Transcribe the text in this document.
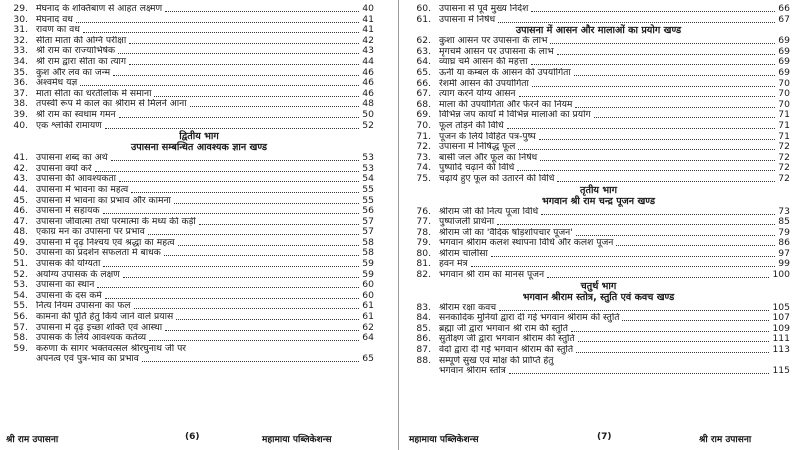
29. मेघनाद के शक्तिबाण से आहत लक्ष्मण	40
30. मेघनाद वध	41
31. रावण का वध	41
32. सीता माता की अग्नि परीक्षा	42
33. श्री राम का राज्याभिषेक	43
34. श्री राम द्वारा सीता का त्याग	44
35. कुश और लव का जन्म	46
36. अश्वमेध यज्ञ	46
37. माता सीता का धरतीलोक में समाना	46
38. तपस्वी रूप में काल का श्रीराम से मिलने आना	48
39. श्री राम का स्वधाम गमन	50
40. एक श्लोकी रामायण	52
द्वितीय भाग
उपासना सम्बन्धित आवश्यक ज्ञान खण्ड
41. उपासना शब्द का अर्थ	53
42. उपासना क्यों करें	53
43. उपासना की आवश्यकता	54
44. उपासना में भावना का महत्व	55
45. उपासना में भावना का प्रभाव और कामना	55
46. उपासना में सहायक	56
47. उपासना जीवात्मा तथा परमात्मा के मध्य की कड़ी	57
48. एकाग्र मन का उपासना पर प्रभाव	57
49. उपासना में दृढ़ निश्चय एवं श्रद्धा का महत्व	58
50. उपासना का प्रदर्शन सफलता में बाधक	58
51. उपासक की योग्यता	59
52. अयोग्य उपासक के लक्षण	59
53. उपासना का स्थान	60
54. उपासना के दस कर्म	60
55. नित्य नियम उपासना का फल	61
56. कामना की पूर्ति हेतु किये जाने वाले प्रयास	61
57. उपासना में दृढ़ इच्छा शक्ति एवं आस्था	62
58. उपासक के लिये आवश्यक कर्तव्य	64
59. करुणा के सागर भक्तवत्सल श्रीरघुनाथ जी पर
अपनत्व एवं पुत्र-भाव का प्रभाव	65
श्री राम उपासना	(6)	महामाया पब्लिकेशन्स
60. उपासना से पूर्व मुख्य निर्देश	66
61. उपासना में निषेध	67
उपासना में आसन और मालाओं का प्रयोग खण्ड
62. कुशा आसन पर उपासना के लाभ	69
63. मृगचर्म आसन पर उपासना के लाभ	69
64. व्याघ्र चर्म आसन की महत्ता	69
65. ऊनी या कम्बल के आसन की उपयोगिता	69
66. रेशमी आसन की उपयोगिता	70
67. त्याग करने योग्य आसन	70
68. माला की उपयोगिता और फेरने का नियम	70
69. विभिन्न जप कार्यों में विभिन्न मालाओं का प्रयोग	71
70. फूल तोड़ने की विधि	71
71. पूजन के लिये विहित पत्र-पुष्प	71
72. उपासना में निषिद्ध फूल	72
73. बासी जल और फूल का निषेध	72
74. पुष्पादि चढ़ाने की विधि	72
75. चढ़ाये हुए फूल को उतारने की विधि	72
तृतीय भाग
भगवान श्री राम चन्द्र पूजन खण्ड
76. श्रीराम जी की नित्य पूजा विधि	73
77. पुष्पांजली प्रार्थना	85
78. श्रीराम जी का 'वैदिक षोड़शोपचार पूजन'	79
79. भगवान श्रीराम कलश स्थापना विधि और कलश पूजन	86
80. श्रीराम चालीसा	97
81. हवन मंत्र	99
82. भगवान श्री राम का मानस पूजन	100
चतुर्थ भाग
भगवान श्रीराम स्तोत्र, स्तुति एवं कवच खण्ड
83. श्रीराम रक्षा कवच	105
84. सनकादिक मुनियों द्वारा दी गई भगवान श्रीराम की स्तुति	107
85. ब्रह्मा जी द्वारा भगवान श्री राम की स्तुति	109
86. सुतीक्ष्ण जी द्वारा भगवान श्रीराम की स्तुति	111
87. वेदों द्वारा दी गई भगवान श्रीराम की स्तुति	113
88. सम्पूर्ण सुख एवं मोक्ष की प्राप्ति हेतु
भगवान श्रीराम स्तोत्र	115
महामाया पब्लिकेशन्स	(7)	श्री राम उपासना
